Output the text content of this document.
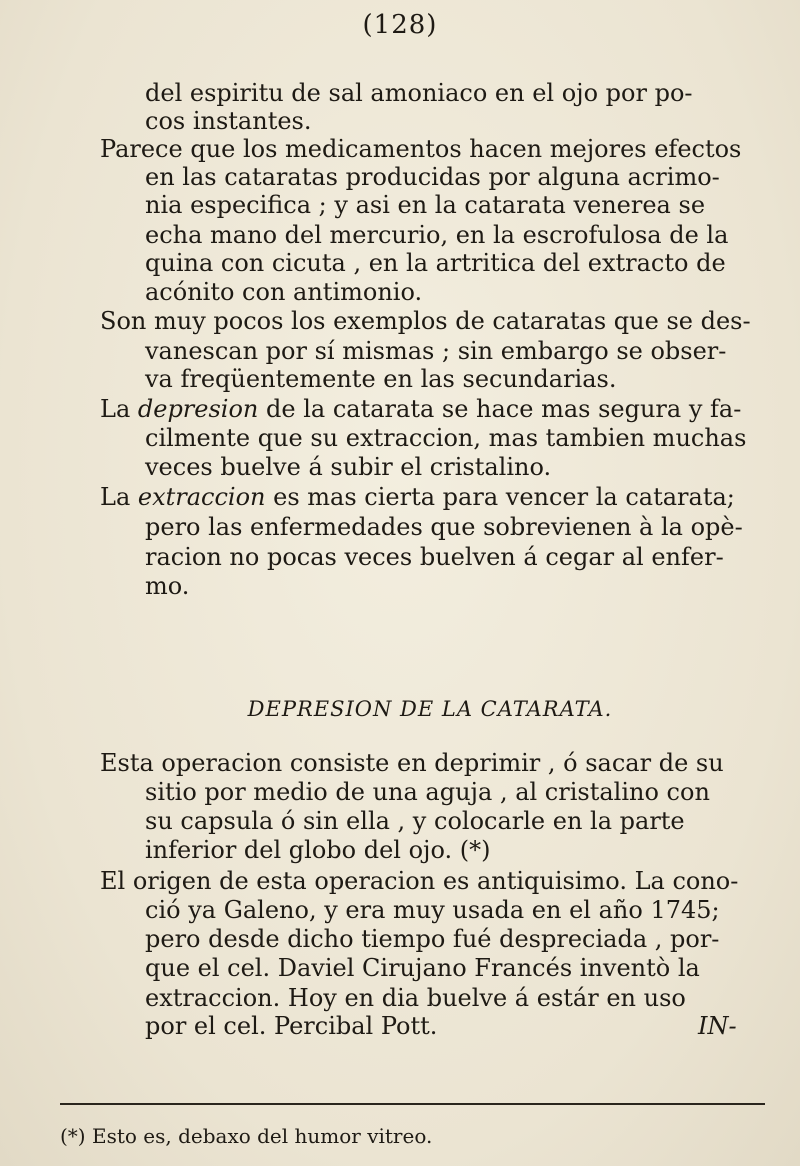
(128)
del espiritu de sal amoniaco en el ojo por po-
cos instantes.
Parece que los medicamentos hacen mejores efectos
en las cataratas producidas por alguna acrimo-
nia especifica ; y asi en la catarata venerea se
echa mano del mercurio, en la escrofulosa de la
quina con cicuta , en la artritica del extracto de
acónito con antimonio.
Son muy pocos los exemplos de cataratas que se des-
vanescan por sí mismas ; sin embargo se obser-
va freqüentemente en las secundarias.
La depresion de la catarata se hace mas segura y fa-
cilmente que su extraccion, mas tambien muchas
veces buelve á subir el cristalino.
La extraccion es mas cierta para vencer la catarata;
pero las enfermedades que sobrevienen à la opè-
racion no pocas veces buelven á cegar al enfer-
mo.
DEPRESION DE LA CATARATA.
Esta operacion consiste en deprimir , ó sacar de su
sitio por medio de una aguja , al cristalino con
su capsula ó sin ella , y colocarle en la parte
inferior del globo del ojo. (*)
El origen de esta operacion es antiquisimo. La cono-
ció ya Galeno, y era muy usada en el año 1745;
pero desde dicho tiempo fué despreciada , por-
que el cel. Daviel Cirujano Francés inventò la
extraccion. Hoy en dia buelve á estár en uso
por el cel. Percibal Pott.	IN-
(*) Esto es, debaxo del humor vitreo.
